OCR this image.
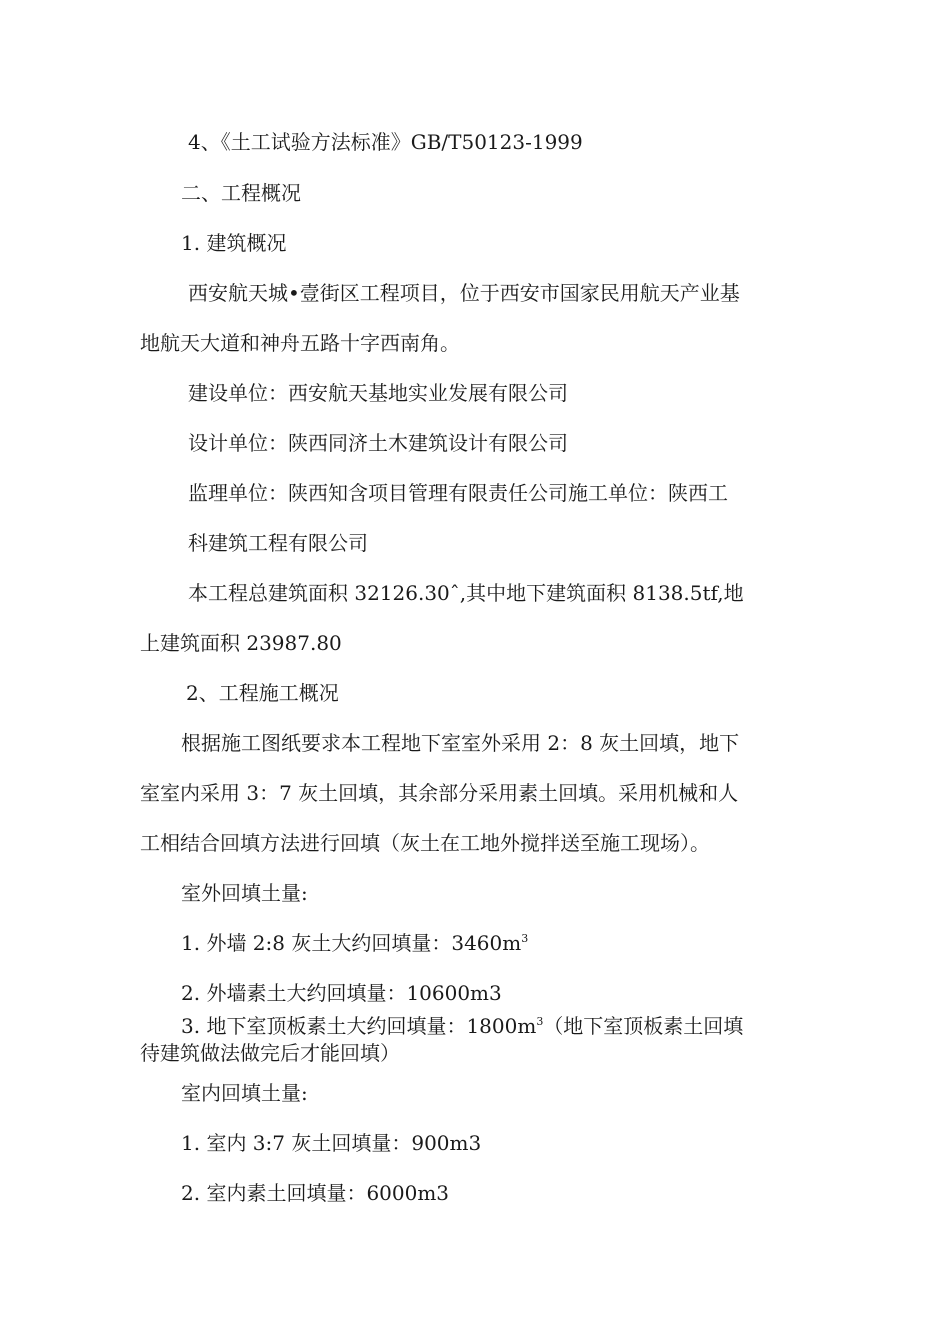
4、《土工试验方法标准》GB/T50123-1999
二、工程概况
1. 建筑概况
西安航天城•壹街区工程项目，位于西安市国家民用航天产业基
地航天大道和神舟五路十字西南角。
建设单位：西安航天基地实业发展有限公司
设计单位：陕西同济土木建筑设计有限公司
监理单位：陕西知含项目管理有限责任公司施工单位：陕西工
科建筑工程有限公司
本工程总建筑面积 32126.30ˆ,其中地下建筑面积 8138.5tf,地
上建筑面积 23987.80
2、工程施工概况
根据施工图纸要求本工程地下室室外采用 2：8 灰土回填，地下
室室内采用 3：7 灰土回填，其余部分采用素土回填。采用机械和人
工相结合回填方法进行回填（灰土在工地外搅拌送至施工现场）。
室外回填土量:
1. 外墙 2:8 灰土大约回填量：$3460m^3$
2. 外墙素土大约回填量：10600m3
3. 地下室顶板素土大约回填量：$1800m^3$（地下室顶板素土回填
待建筑做法做完后才能回填）
室内回填土量:
1. 室内 3:7 灰土回填量：900m3
2. 室内素土回填量：6000m3
